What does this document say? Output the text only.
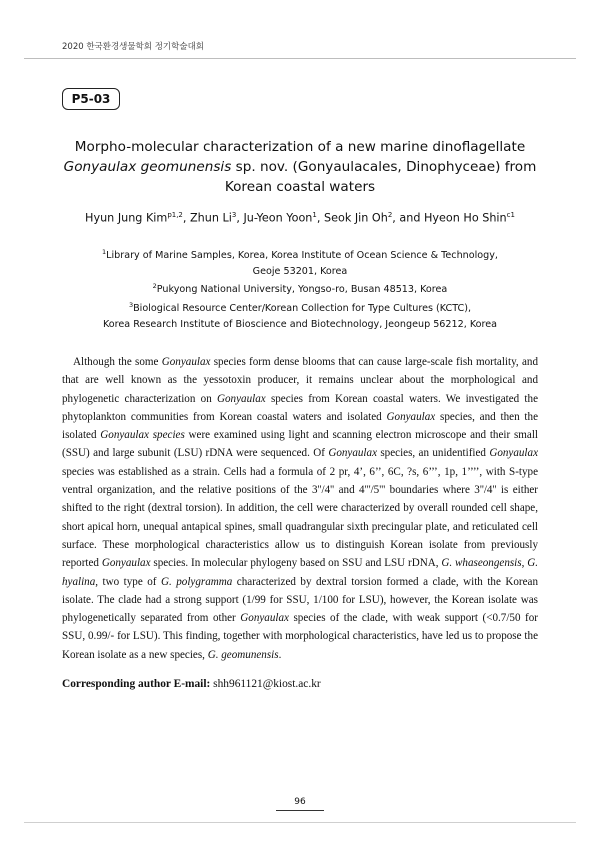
2020 한국환경생물학회 정기학술대회
P5-03
Morpho-molecular characterization of a new marine dinoflagellate
Gonyaulax geomunensis sp. nov. (Gonyaulacales, Dinophyceae) from
Korean coastal waters
Hyun Jung Kim$^{p1,2}$, Zhun Li$^3$, Ju-Yeon Yoon$^1$, Seok Jin Oh$^2$, and Hyeon Ho Shin$^{c1}$
$^1$Library of Marine Samples, Korea, Korea Institute of Ocean Science & Technology,
Geoje 53201, Korea
$^2$Pukyong National University, Yongso-ro, Busan 48513, Korea
$^3$Biological Resource Center/Korean Collection for Type Cultures (KCTC),
Korea Research Institute of Bioscience and Biotechnology, Jeongeup 56212, Korea
Although the some Gonyaulax species form dense blooms that can cause large-scale fish mortality, and that are well known as the yessotoxin producer, it remains unclear about the morphological and phylogenetic characterization on Gonyaulax species from Korean coastal waters. We investigated the phytoplankton communities from Korean coastal waters and isolated Gonyaulax species, and then the isolated Gonyaulax species were examined using light and scanning electron microscope and their small (SSU) and large subunit (LSU) rDNA were sequenced. Of Gonyaulax species, an unidentified Gonyaulax species was established as a strain. Cells had a formula of 2 pr, 4’, 6’’, 6C, ?s, 6’’’, 1p, 1’’’’, with S-type ventral organization, and the relative positions of the 3''/4'' and 4'''/5''' boundaries where 3''/4'' is either shifted to the right (dextral torsion). In addition, the cell were characterized by overall rounded cell shape, short apical horn, unequal antapical spines, small quadrangular sixth precingular plate, and reticulated cell surface. These morphological characteristics allow us to distinguish Korean isolate from previously reported Gonyaulax species. In molecular phylogeny based on SSU and LSU rDNA, G. whaseongensis, G. hyalina, two type of G. polygramma characterized by dextral torsion formed a clade, with the Korean isolate. The clade had a strong support (1/99 for SSU, 1/100 for LSU), however, the Korean isolate was phylogenetically separated from other Gonyaulax species of the clade, with weak support (<0.7/50 for SSU, 0.99/- for LSU). This finding, together with morphological characteristics, have led us to propose the Korean isolate as a new species, G. geomunensis.
Corresponding author E-mail: shh961121@kiost.ac.kr
96
